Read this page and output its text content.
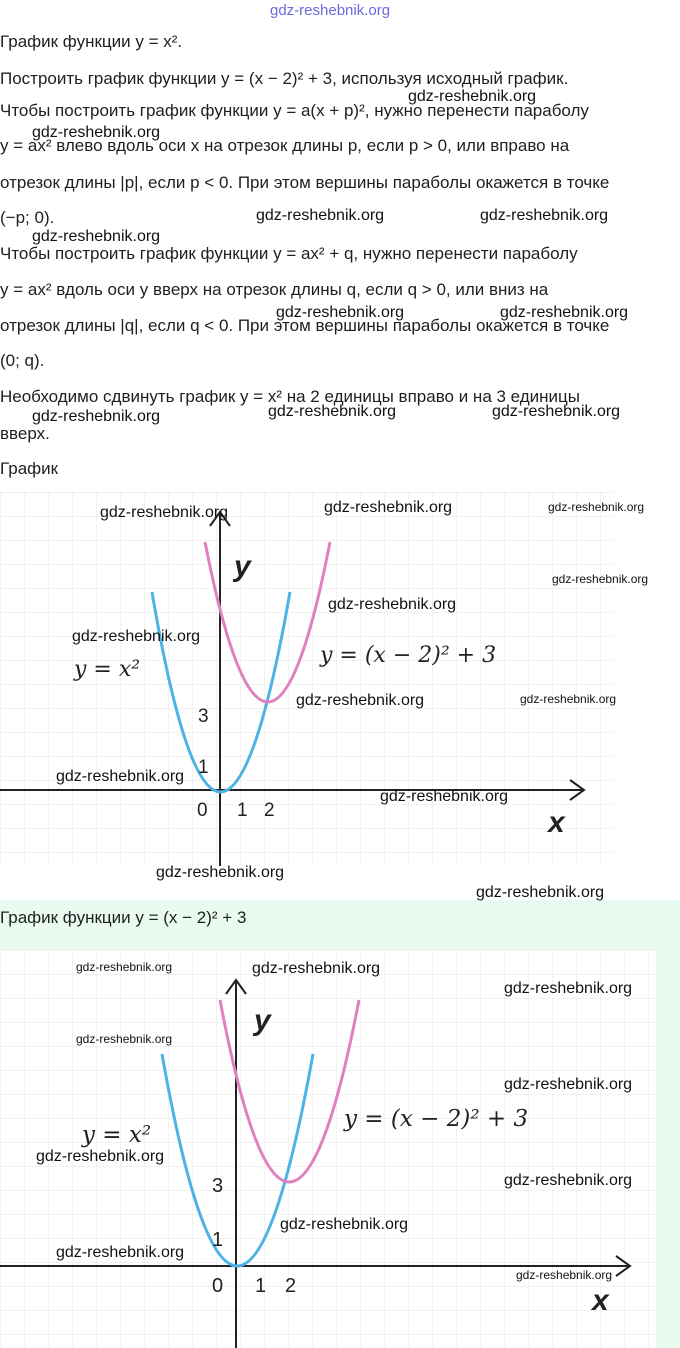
gdz-reshebnik.org
График функции y = x².
Построить график функции y = (x − 2)² + 3, используя исходный график.
Чтобы построить график функции y = a(x + p)², нужно перенести параболу
y = ax² влево вдоль оси x на отрезок длины p, если p > 0, или вправо на
отрезок длины |p|, если p < 0. При этом вершины параболы окажется в точке
(−p; 0).
Чтобы построить график функции y = ax² + q, нужно перенести параболу
y = ax² вдоль оси y вверх на отрезок длины q, если q > 0, или вниз на
отрезок длины |q|, если q < 0. При этом вершины параболы окажется в точке
(0; q).
Необходимо сдвинуть график y = x² на 2 единицы вправо и на 3 единицы
вверх.
График
y
x
0 1 2
1
3
y = x²
y = (x − 2)² + 3
График функции y = (x − 2)² + 3
y
x
0 1 2
1
3
y = x²
y = (x − 2)² + 3
gdz-reshebnik.org
gdz-reshebnik.org
gdz-reshebnik.org	gdz-reshebnik.org
gdz-reshebnik.org
gdz-reshebnik.org	gdz-reshebnik.org
gdz-reshebnik.org	gdz-reshebnik.org	gdz-reshebnik.org
gdz-reshebnik.org	gdz-reshebnik.org	gdz-reshebnik.org
gdz-reshebnik.org
gdz-reshebnik.org
gdz-reshebnik.org
gdz-reshebnik.org	gdz-reshebnik.org
gdz-reshebnik.org
gdz-reshebnik.org
gdz-reshebnik.org
gdz-reshebnik.org
gdz-reshebnik.org	gdz-reshebnik.org
gdz-reshebnik.org
gdz-reshebnik.org
gdz-reshebnik.org
gdz-reshebnik.org
gdz-reshebnik.org
gdz-reshebnik.org
gdz-reshebnik.org
gdz-reshebnik.org
